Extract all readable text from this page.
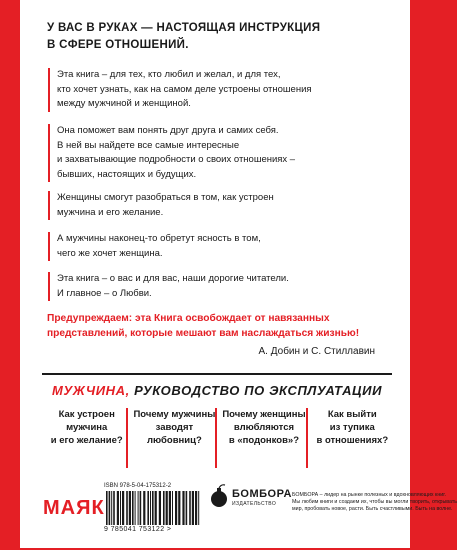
У ВАС В РУКАХ — НАСТОЯЩАЯ ИНСТРУКЦИЯ
В СФЕРЕ ОТНОШЕНИЙ.
Эта книга – для тех, кто любил и желал, и для тех,
кто хочет узнать, как на самом деле устроены отношения
между мужчиной и женщиной.
Она поможет вам понять друг друга и самих себя.
В ней вы найдете все самые интересные
и захватывающие подробности о своих отношениях –
бывших, настоящих и будущих.
Женщины смогут разобраться в том, как устроен
мужчина и его желание.
А мужчины наконец-то обретут ясность в том,
чего же хочет женщина.
Эта книга – о вас и для вас, наши дорогие читатели.
И главное – о Любви.
Предупреждаем: эта Книга освобождает от навязанных
представлений, которые мешают вам наслаждаться жизнью!
А. Добин и С. Стиллавин
МУЖЧИНА, РУКОВОДСТВО ПО ЭКСПЛУАТАЦИИ
Как устроен
мужчина
и его желание?
Почему мужчины
заводят
любовниц?
Почему женщины
влюбляются
в «подонков»?
Как выйти
из тупика
в отношениях?
МАЯК
ISBN 978-5-04-175312-2
9 785041 753122 >
БОМБОРА
ИЗДАТЕЛЬСТВО
БОМБОРА – лидер на рынке полезных и вдохновляющих книг.
Мы любим книги и создаем их, чтобы вы могли творить, открывать
мир, пробовать новое, расти. Быть счастливыми. Быть на волне.
